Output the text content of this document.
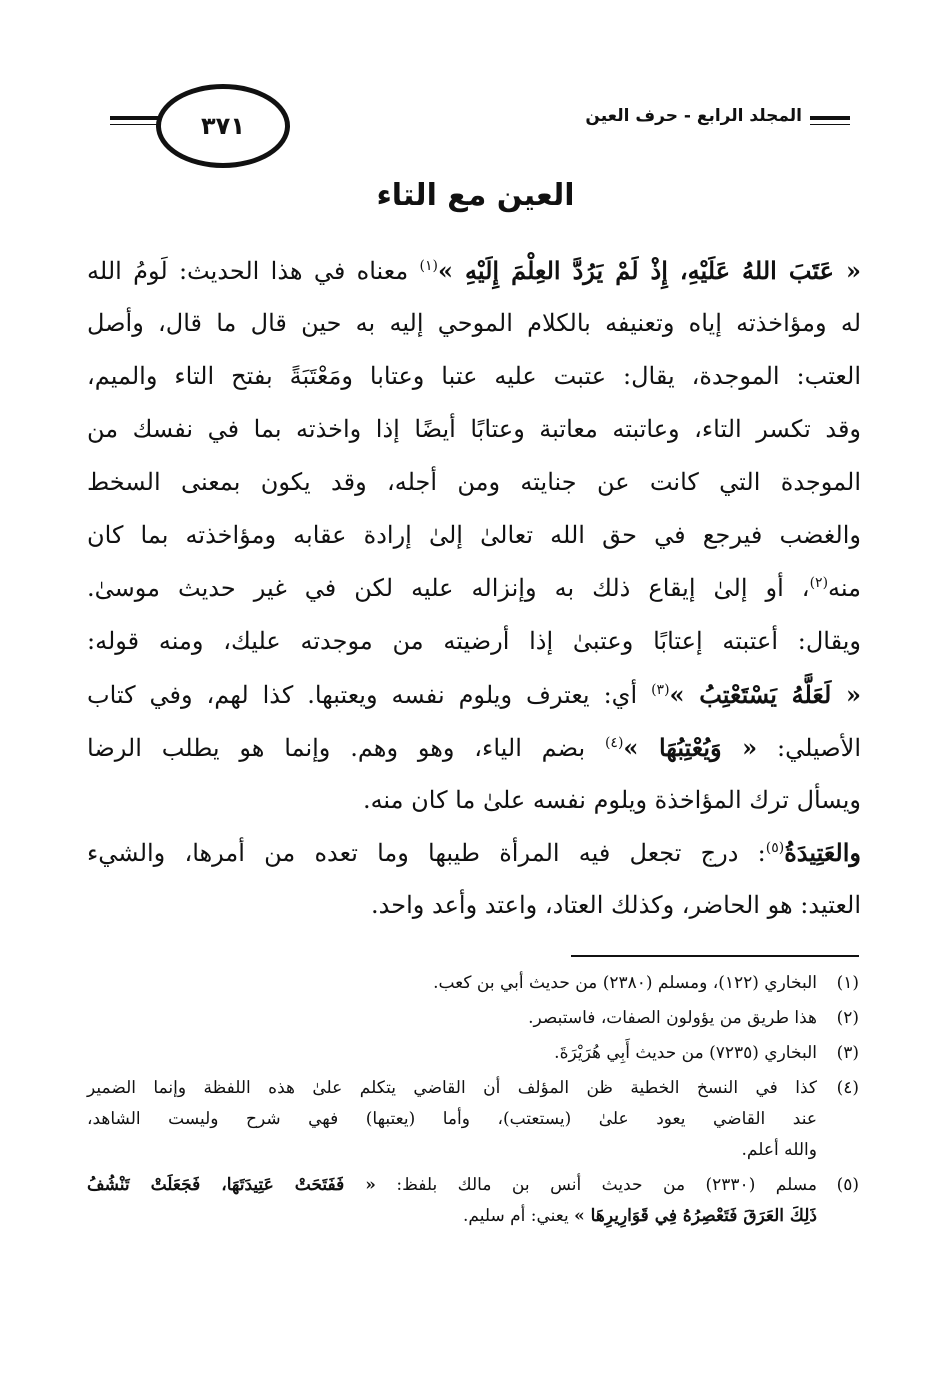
المجلد الرابع - حرف العين
٣٧١
العين مع التاء
« عَتَبَ اللهُ عَلَيْهِ، إِذْ لَمْ يَرُدَّ العِلْمَ إِلَيْهِ »$^{(١)}$ معناه في هذا الحديث: لَومُ الله
له ومؤاخذته إياه وتعنيفه بالكلام الموحي إليه به حين قال ما قال، وأصل
العتب: الموجدة، يقال: عتبت عليه عتبا وعتابا ومَعْتَبَةً بفتح التاء والميم،
وقد تكسر التاء، وعاتبته معاتبة وعتابًا أيضًا إذا واخذته بما في نفسك من
الموجدة التي كانت عن جنايته ومن أجله، وقد يكون بمعنى السخط
والغضب فيرجع في حق الله تعالىٰ إلىٰ إرادة عقابه ومؤاخذته بما كان
منه$^{(٢)}$، أو إلىٰ إيقاع ذلك به وإنزاله عليه لكن في غير حديث موسىٰ.
ويقال: أعتبته إعتابًا وعتبىٰ إذا أرضيته من موجدته عليك، ومنه قوله:
« لَعَلَّهُ يَسْتَعْتِبُ »$^{(٣)}$ أي: يعترف ويلوم نفسه ويعتبها. كذا لهم، وفي كتاب
الأصيلي: « وَيُعْتِبُهَا »$^{(٤)}$ بضم الياء، وهو وهم. وإنما هو يطلب الرضا
ويسأل ترك المؤاخذة ويلوم نفسه علىٰ ما كان منه.
والعَتِيدَةُ$^{(٥)}$: درج تجعل فيه المرأة طيبها وما تعده من أمرها، والشيء
العتيد: هو الحاضر، وكذلك العتاد، واعتد وأعد واحد.
(١)
البخاري (١٢٢)، ومسلم (٢٣٨٠) من حديث أبي بن كعب.
(٢)
هذا طريق من يؤولون الصفات، فاستبصر.
(٣)
البخاري (٧٢٣٥) من حديث أَبِي هُرَيْرَةَ.
(٤)
كذا في النسخ الخطية ظن المؤلف أن القاضي يتكلم علىٰ هذه اللفظة وإنما الضمير
عند القاضي يعود علىٰ (يستعتب)، وأما (يعتبها) فهي شرح وليست الشاهد،
والله أعلم.
(٥)
مسلم (٢٣٣٠) من حديث أنس بن مالك بلفظ: « فَفَتَحَتْ عَتِيدَتَهَا، فَجَعَلَتْ تَنْشُفُ
ذَلِكَ العَرَقَ فَتَعْصِرُهُ فِي قَوَارِيرِهَا » يعني: أم سليم.
